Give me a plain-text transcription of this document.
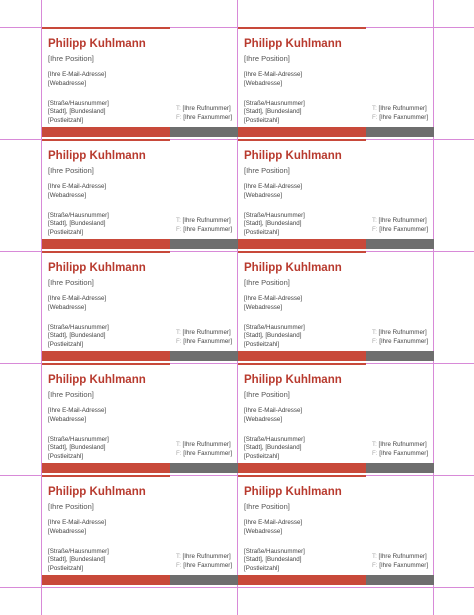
Philipp Kuhlmann
[Ihre Position]
[Ihre E-Mail-Adresse]
[Webadresse]
[Straße/Hausnummer]
[Stadt], [Bundesland]
[Postleitzahl]
T: [Ihre Rufnummer]
F: [Ihre Faxnummer]
Philipp Kuhlmann
[Ihre Position]
[Ihre E-Mail-Adresse]
[Webadresse]
[Straße/Hausnummer]
[Stadt], [Bundesland]
[Postleitzahl]
T: [Ihre Rufnummer]
F: [Ihre Faxnummer]
Philipp Kuhlmann
[Ihre Position]
[Ihre E-Mail-Adresse]
[Webadresse]
[Straße/Hausnummer]
[Stadt], [Bundesland]
[Postleitzahl]
T: [Ihre Rufnummer]
F: [Ihre Faxnummer]
Philipp Kuhlmann
[Ihre Position]
[Ihre E-Mail-Adresse]
[Webadresse]
[Straße/Hausnummer]
[Stadt], [Bundesland]
[Postleitzahl]
T: [Ihre Rufnummer]
F: [Ihre Faxnummer]
Philipp Kuhlmann
[Ihre Position]
[Ihre E-Mail-Adresse]
[Webadresse]
[Straße/Hausnummer]
[Stadt], [Bundesland]
[Postleitzahl]
T: [Ihre Rufnummer]
F: [Ihre Faxnummer]
Philipp Kuhlmann
[Ihre Position]
[Ihre E-Mail-Adresse]
[Webadresse]
[Straße/Hausnummer]
[Stadt], [Bundesland]
[Postleitzahl]
T: [Ihre Rufnummer]
F: [Ihre Faxnummer]
Philipp Kuhlmann
[Ihre Position]
[Ihre E-Mail-Adresse]
[Webadresse]
[Straße/Hausnummer]
[Stadt], [Bundesland]
[Postleitzahl]
T: [Ihre Rufnummer]
F: [Ihre Faxnummer]
Philipp Kuhlmann
[Ihre Position]
[Ihre E-Mail-Adresse]
[Webadresse]
[Straße/Hausnummer]
[Stadt], [Bundesland]
[Postleitzahl]
T: [Ihre Rufnummer]
F: [Ihre Faxnummer]
Philipp Kuhlmann
[Ihre Position]
[Ihre E-Mail-Adresse]
[Webadresse]
[Straße/Hausnummer]
[Stadt], [Bundesland]
[Postleitzahl]
T: [Ihre Rufnummer]
F: [Ihre Faxnummer]
Philipp Kuhlmann
[Ihre Position]
[Ihre E-Mail-Adresse]
[Webadresse]
[Straße/Hausnummer]
[Stadt], [Bundesland]
[Postleitzahl]
T: [Ihre Rufnummer]
F: [Ihre Faxnummer]
